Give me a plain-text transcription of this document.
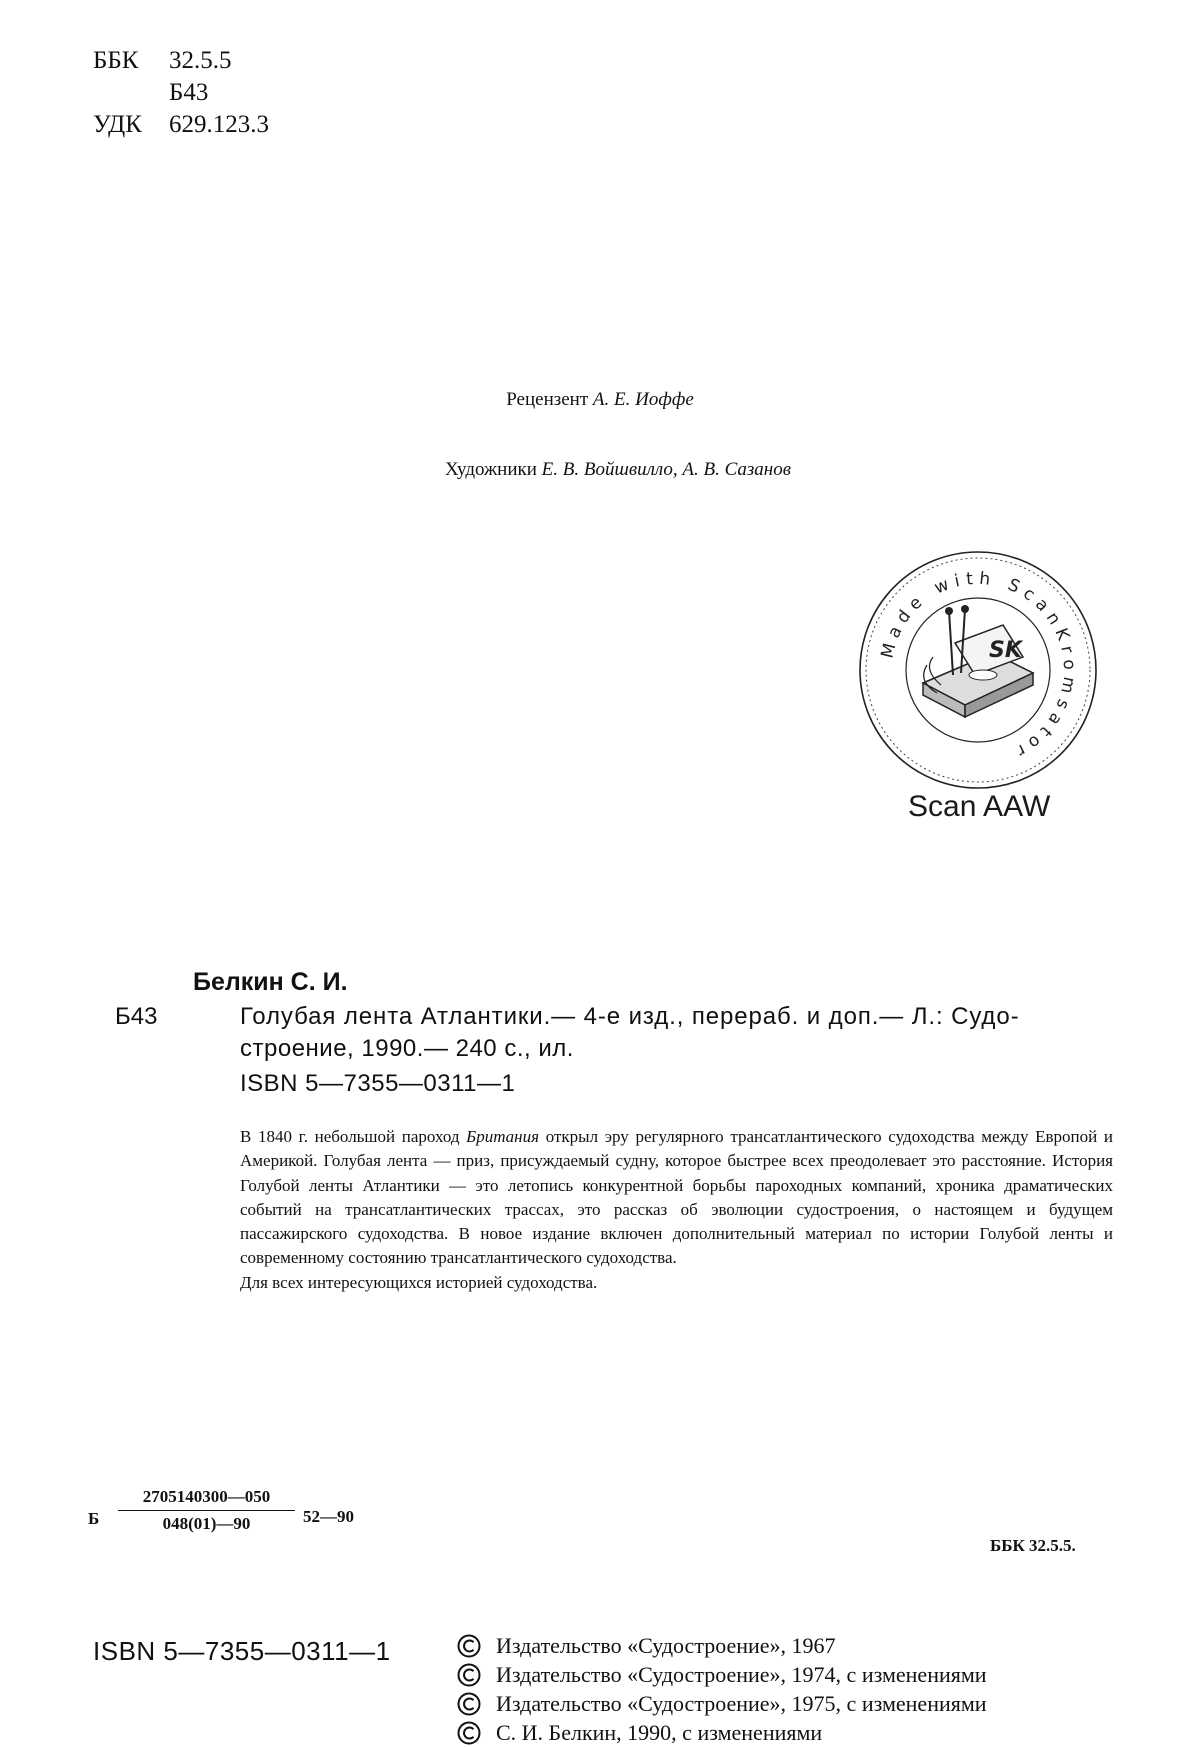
ББК	32.5.5
Б43
УДК	629.123.3
Рецензент А. Е. Иоффе
Художники Е. В. Войшвилло, А. В. Сазанов
Made with ScanKromsator
SK
Scan AAW
Белкин С. И.
Б43	Голубая лента Атлантики.— 4-е изд., перераб. и доп.— Л.: Судо-
строение, 1990.— 240 с., ил.
ISBN 5—7355—0311—1

В 1840 г. небольшой пароход Британия открыл эру регулярного трансатлантического судоходства между Европой и Америкой. Голубая лента — приз, присуждаемый судну, которое быстрее всех преодолевает это расстояние. История Голубой ленты Атлантики — это летопись конкурентной борьбы пароходных компаний, хроника драматических событий на трансатлантических трассах, это рассказ об эволюции судостроения, о настоящем и будущем пассажирского судоходства. В новое издание включен дополнительный материал по истории Голубой ленты и современному состоянию трансатлантического судоходства.

Для всех интересующихся историей судоходства.

Б $\frac{2705140300—050}{048(01)—90}$ 52—90
ББК 32.5.5.
ISBN 5—7355—0311—1	Издательство «Судостроение», 1967
Издательство «Судостроение», 1974, с изменениями
Издательство «Судостроение», 1975, с изменениями
С. И. Белкин, 1990, с изменениями
